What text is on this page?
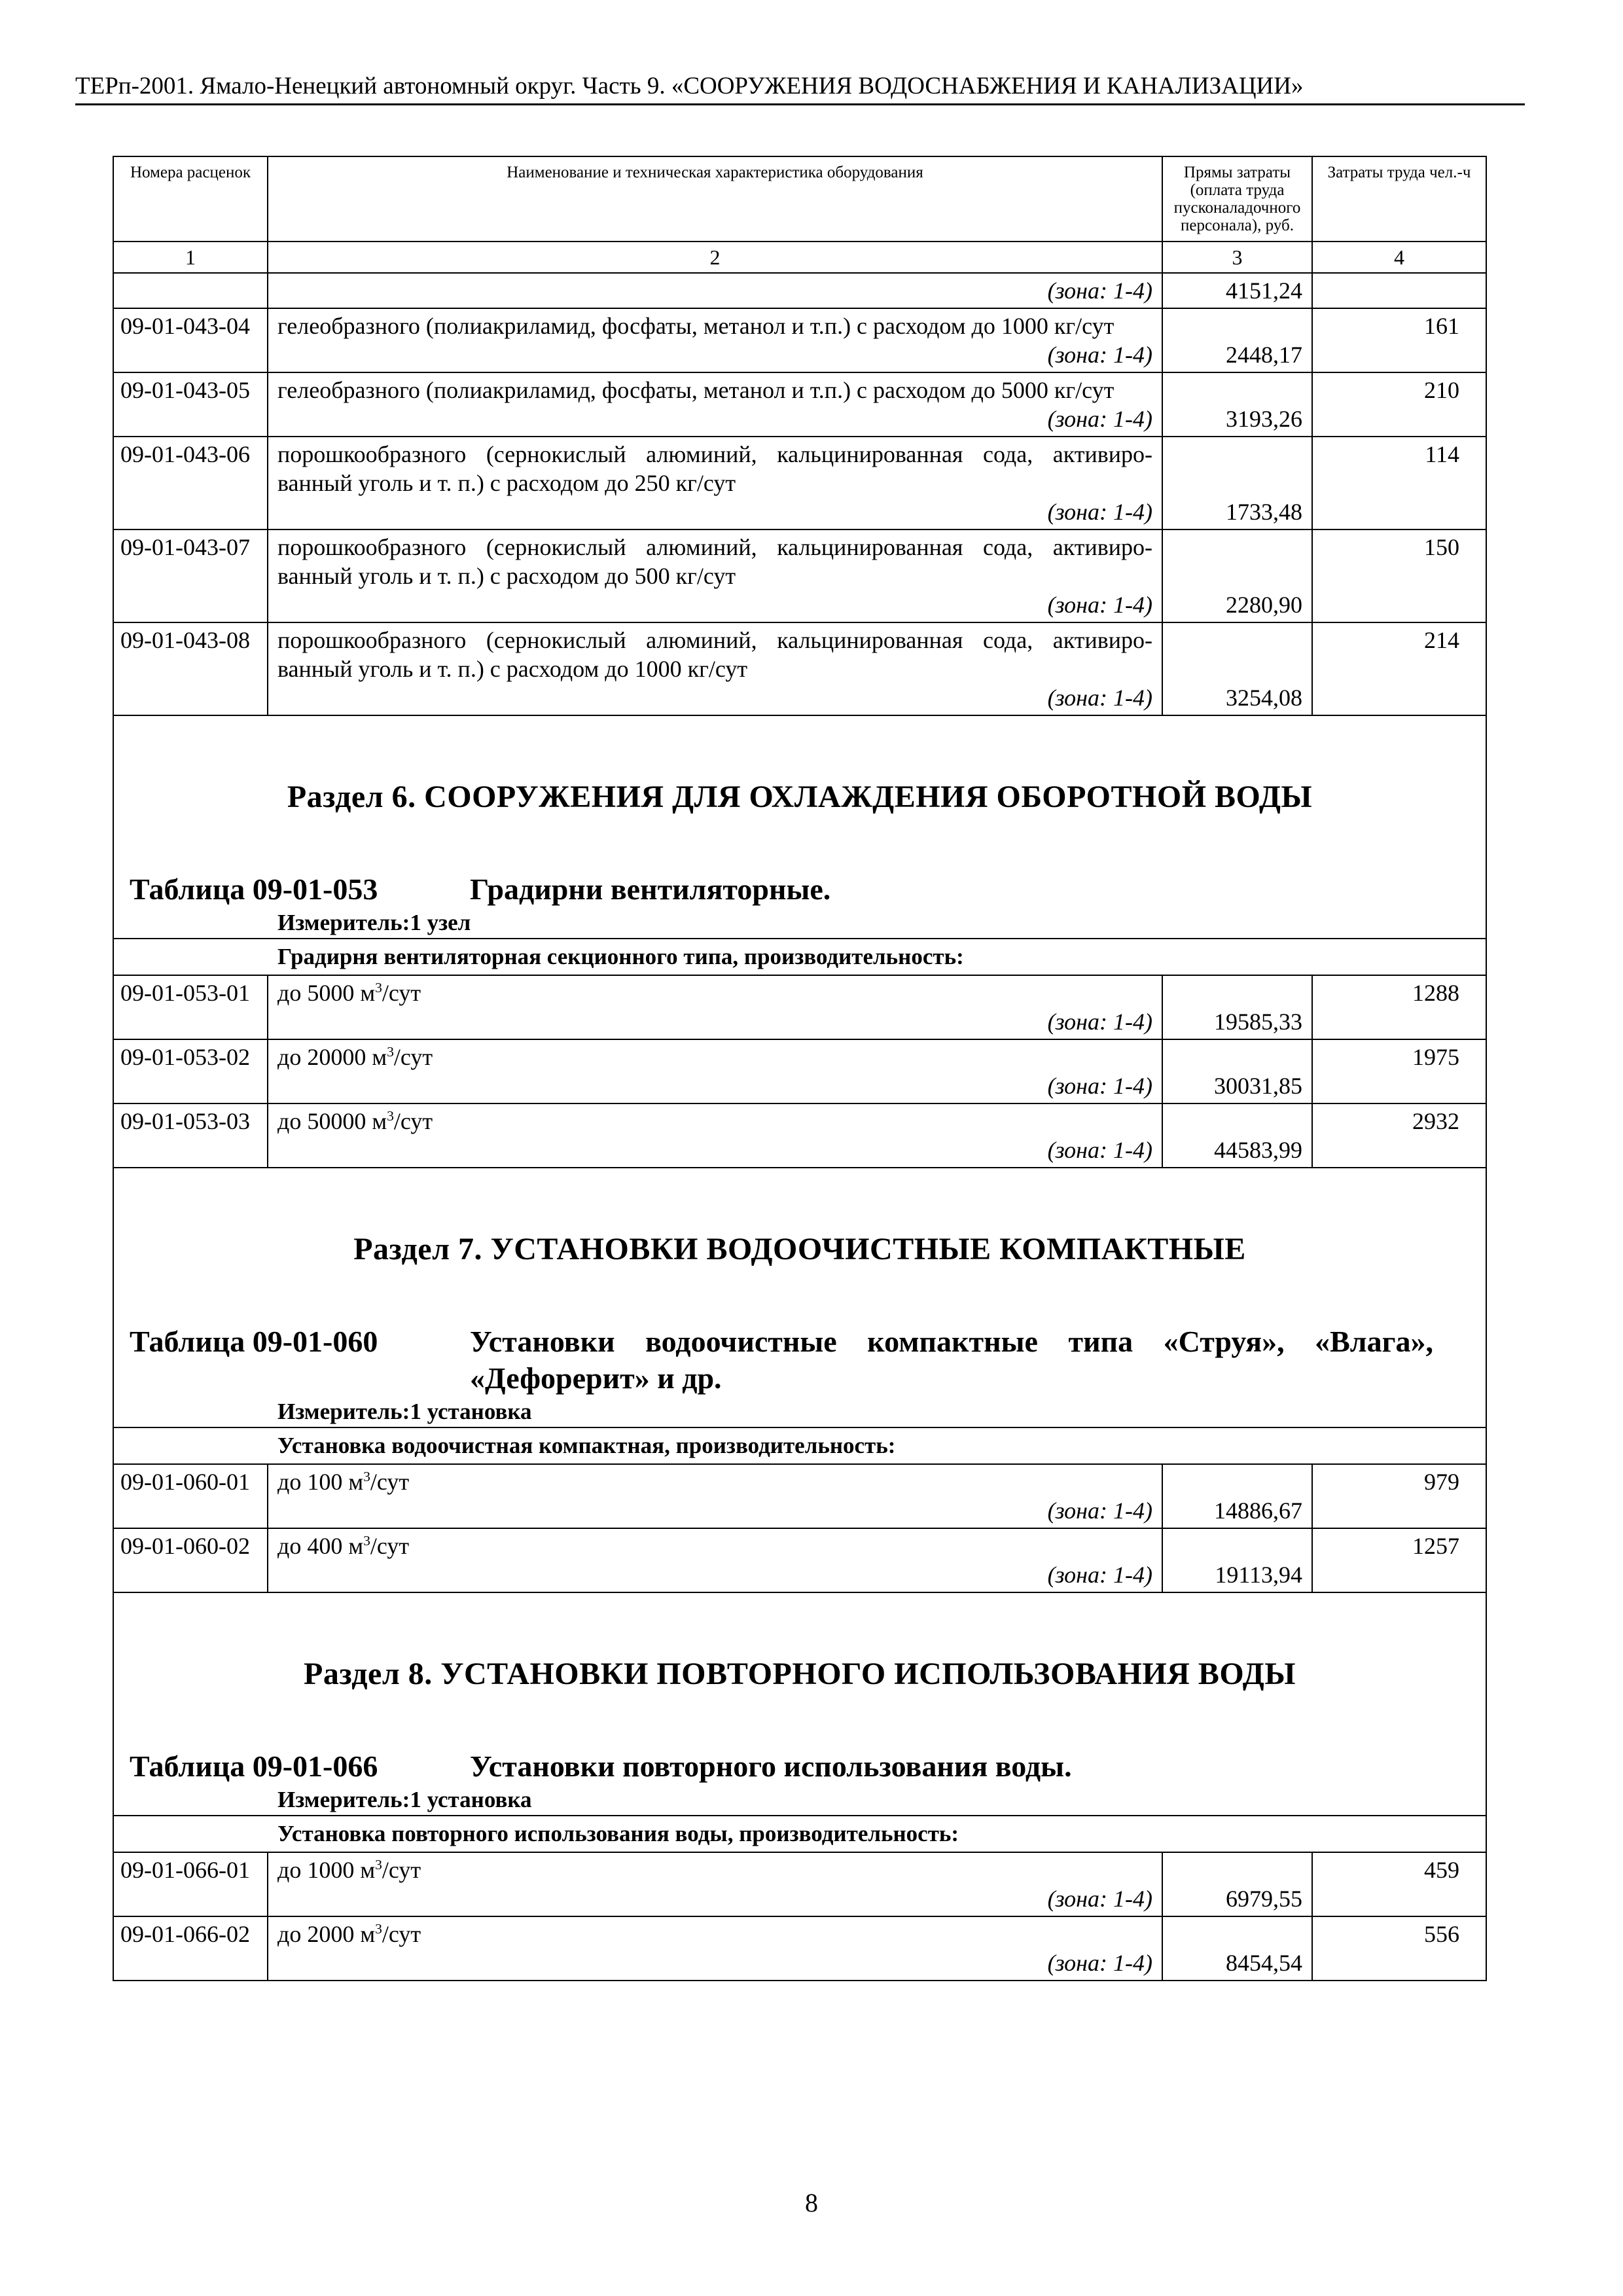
ТЕРп-2001. Ямало-Ненецкий автономный округ. Часть 9. «СООРУЖЕНИЯ ВОДОСНАБЖЕНИЯ И КАНАЛИЗАЦИИ»
Номера расценок	Наименование и техническая характеристика оборудования	Прямы затраты (оплата труда пусконаладочного персонала), руб.	Затраты труда чел.-ч
1	2	3	4

	(зона: 1-4)	4151,24	
09-01-043-04	гелеобразного (полиакриламид, фосфаты, метанол и т.п.) с расходом до 1000 кг/сут
(зона: 1-4)	2448,17	161
09-01-043-05	гелеобразного (полиакриламид, фосфаты, метанол и т.п.) с расходом до 5000 кг/сут
(зона: 1-4)	3193,26	210
09-01-043-06	порошкообразного (сернокислый алюминий, кальцинированная сода, активиро-ванный уголь и т. п.) с расходом до 250 кг/сут
(зона: 1-4)	1733,48	114
09-01-043-07	порошкообразного (сернокислый алюминий, кальцинированная сода, активиро-ванный уголь и т. п.) с расходом до 500 кг/сут
(зона: 1-4)	2280,90	150
09-01-043-08	порошкообразного (сернокислый алюминий, кальцинированная сода, активиро-ванный уголь и т. п.) с расходом до 1000 кг/сут
(зона: 1-4)	3254,08	214

Раздел 6. СООРУЖЕНИЯ ДЛЯ ОХЛАЖДЕНИЯ ОБОРОТНОЙ ВОДЫ
Таблица 09-01-053 Градирни вентиляторные.
Измеритель:1 узел			

Градирня вентиляторная секционного типа, производительность:			
09-01-053-01	до 5000 $м^3$/сут
(зона: 1-4)	19585,33	1288
09-01-053-02	до 20000 $м^3$/сут
(зона: 1-4)	30031,85	1975
09-01-053-03	до 50000 $м^3$/сут
(зона: 1-4)	44583,99	2932

Раздел 7. УСТАНОВКИ ВОДООЧИСТНЫЕ КОМПАКТНЫЕ
Таблица 09-01-060 Установки водоочистные компактные типа «Струя», «Влага», «Дефорерит» и др.
Измеритель:1 установка			

Установка водоочистная компактная, производительность:			
09-01-060-01	до 100 $м^3$/сут
(зона: 1-4)	14886,67	979
09-01-060-02	до 400 $м^3$/сут
(зона: 1-4)	19113,94	1257

Раздел 8. УСТАНОВКИ ПОВТОРНОГО ИСПОЛЬЗОВАНИЯ ВОДЫ
Таблица 09-01-066 Установки повторного использования воды.
Измеритель:1 установка			

Установка повторного использования воды, производительность:			
09-01-066-01	до 1000 $м^3$/сут
(зона: 1-4)	6979,55	459
09-01-066-02	до 2000 $м^3$/сут
(зона: 1-4)	8454,54	556
8
